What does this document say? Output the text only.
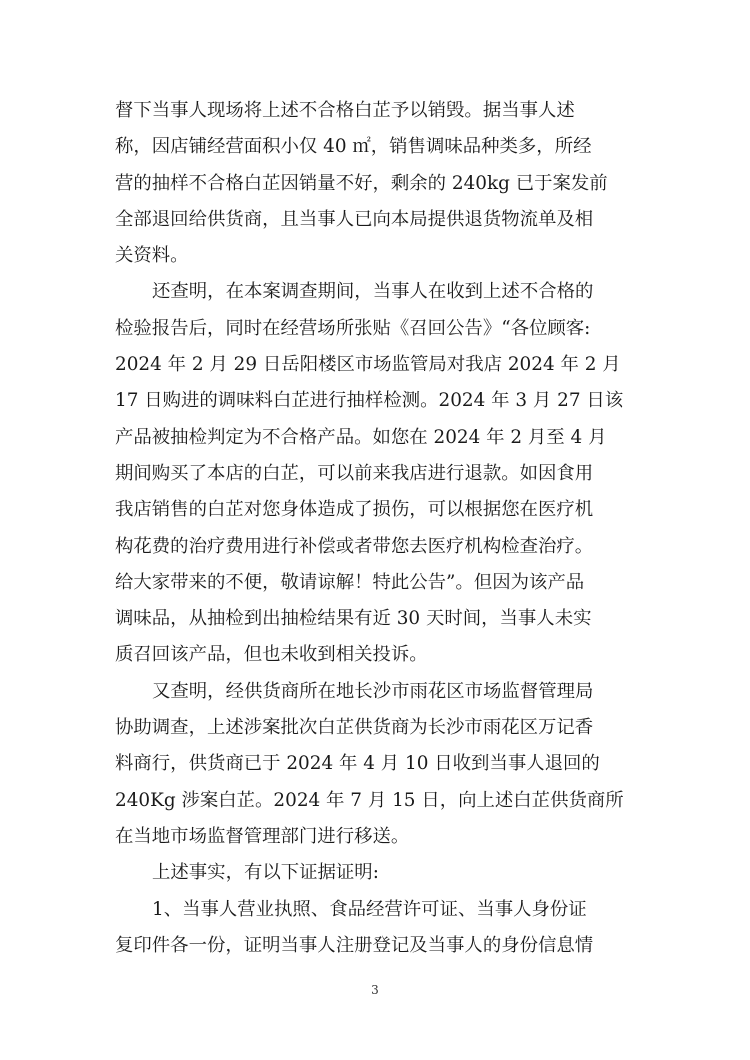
督下当事人现场将上述不合格白芷予以销毁。据当事人述
称，因店铺经营面积小仅 40 ㎡，销售调味品种类多，所经
营的抽样不合格白芷因销量不好，剩余的 240kg 已于案发前
全部退回给供货商，且当事人已向本局提供退货物流单及相
关资料。
还查明，在本案调查期间，当事人在收到上述不合格的
检验报告后，同时在经营场所张贴《召回公告》“各位顾客:
2024 年 2 月 29 日岳阳楼区市场监管局对我店 2024 年 2 月
17 日购进的调味料白芷进行抽样检测。2024 年 3 月 27 日该
产品被抽检判定为不合格产品。如您在 2024 年 2 月至 4 月
期间购买了本店的白芷，可以前来我店进行退款。如因食用
我店销售的白芷对您身体造成了损伤，可以根据您在医疗机
构花费的治疗费用进行补偿或者带您去医疗机构检查治疗。
给大家带来的不便，敬请谅解！特此公告”。但因为该产品
调味品，从抽检到出抽检结果有近 30 天时间，当事人未实
质召回该产品，但也未收到相关投诉。
又查明，经供货商所在地长沙市雨花区市场监督管理局
协助调查，上述涉案批次白芷供货商为长沙市雨花区万记香
料商行，供货商已于 2024 年 4 月 10 日收到当事人退回的
240Kg 涉案白芷。2024 年 7 月 15 日，向上述白芷供货商所
在当地市场监督管理部门进行移送。
上述事实，有以下证据证明:
1、当事人营业执照、食品经营许可证、当事人身份证
复印件各一份，证明当事人注册登记及当事人的身份信息情
3
